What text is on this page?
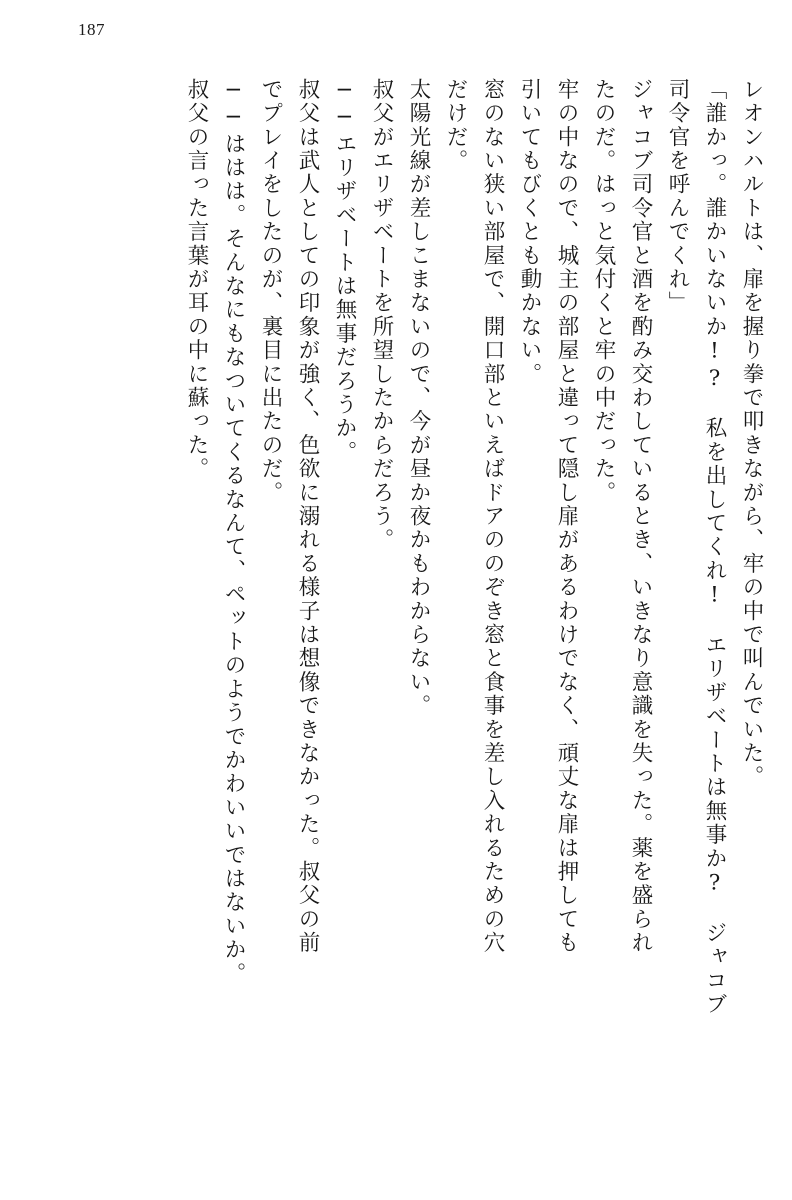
187
レオンハルトは、扉を握り拳で叩きながら、牢の中で叫んでいた。
「誰かっ。誰かいないか!?　私を出してくれ!　エリザベートは無事か?　ジャコブ
司令官を呼んでくれ」
ジャコブ司令官と酒を酌み交わしているとき、いきなり意識を失った。薬を盛られ
たのだ。はっと気付くと牢の中だった。
牢の中なので、城主の部屋と違って隠し扉があるわけでなく、頑丈な扉は押しても
引いてもびくとも動かない。
窓のない狭い部屋で、開口部といえばドアののぞき窓と食事を差し入れるための穴
だけだ。
太陽光線が差しこまないので、今が昼か夜かもわからない。
叔父がエリザベートを所望したからだろう。
──エリザベートは無事だろうか。
叔父は武人としての印象が強く、色欲に溺れる様子は想像できなかった。叔父の前
でプレイをしたのが、裏目に出たのだ。
──ははは。そんなにもなついてくるなんて、ペットのようでかわいいではないか。
叔父の言った言葉が耳の中に蘇った。
